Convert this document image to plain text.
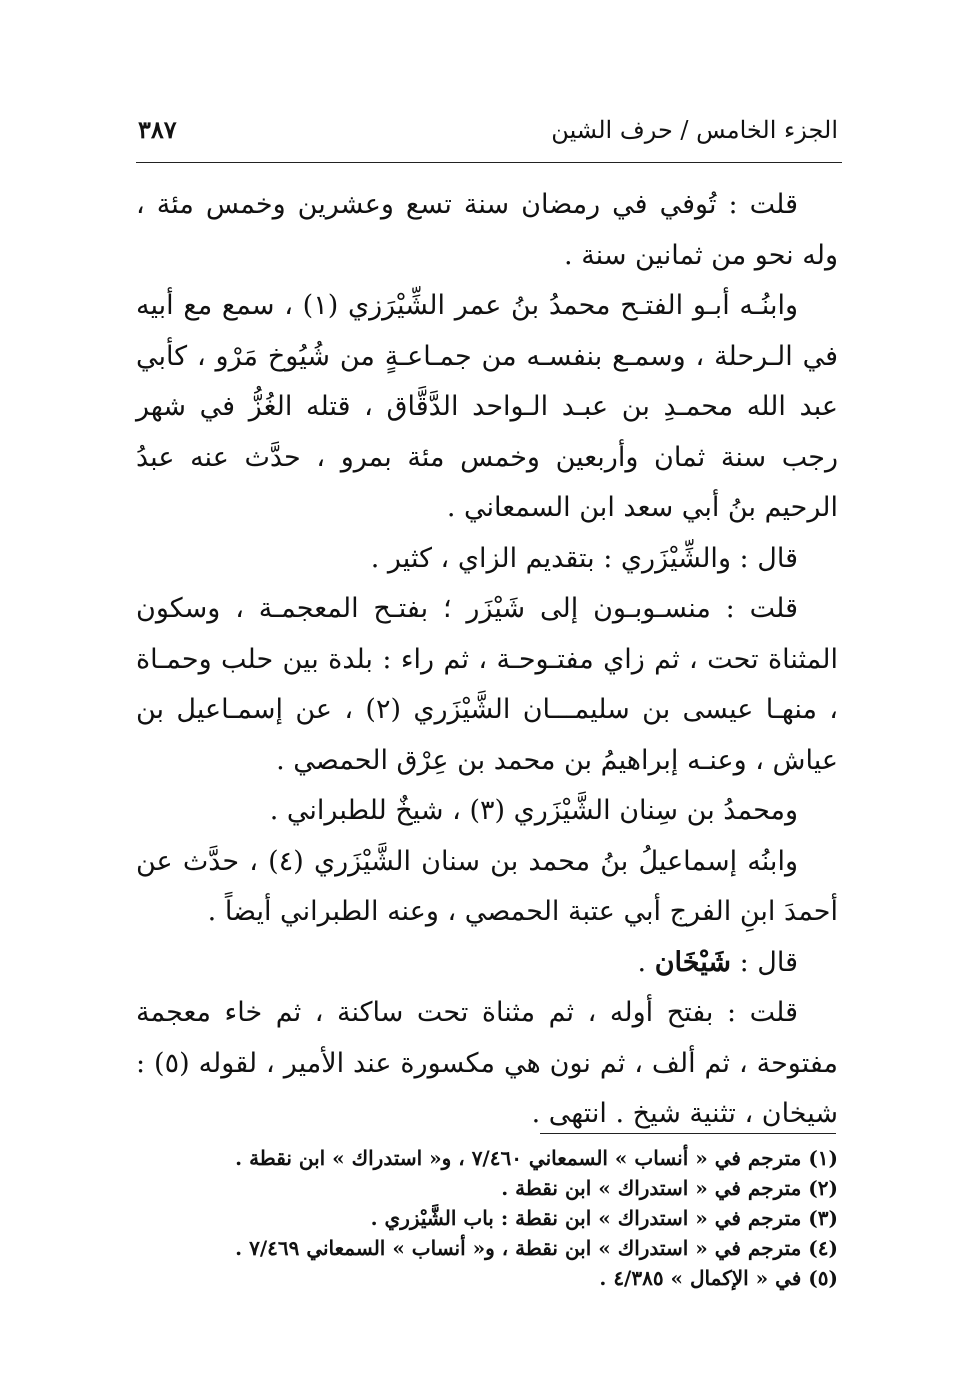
الجزء الخامس / حرف الشين
٣٨٧

قلت : تُوفي في رمضان سنة تسع وعشرين وخمس مئة ، وله نحو من ثمانين سنة .

وابنُـه أبـو الفتـح محمدُ بنُ عمر الشِّيْرَزي (١) ، سمع مع أبيه في الـرحلة ، وسمـع بنفسـه من جمـاعـةٍ من شُيُوخ مَرْو ، كأبي عبد الله محمـدِ بن عبـد الـواحد الدَّقَّاق ، قتله الغُزُّ في شهر رجب سنة ثمان وأربعين وخمس مئة بمرو ، حدَّث عنه عبدُ الرحيم بنُ أبي سعد ابن السمعاني .

قال : والشِّيْزَري : بتقديم الزاي ، كثير .

قلت : منسـوبـون إلى شَيْزَر ؛ بفتـح المعجمـة ، وسكون المثناة تحت ، ثم زاي مفتـوحـة ، ثم راء : بلدة بين حلب وحمـاة ، منهـا عيسى بن سليمـــان الشَّيْزَري (٢) ، عن إسمـاعيل بن عياش ، وعنـه إبراهيمُ بن محمد بن عِرْق الحمصي .

ومحمدُ بن سِنان الشَّيْزَري (٣) ، شيخٌ للطبراني .

وابنُه إسماعيلُ بنُ محمد بن سنان الشَّيْزَري (٤) ، حدَّث عن أحمدَ ابنِ الفرج أبي عتبة الحمصي ، وعنه الطبراني أيضاً .

قال : شَيْخَان .

قلت : بفتح أوله ، ثم مثناة تحت ساكنة ، ثم خاء معجمة مفتوحة ، ثم ألف ، ثم نون هي مكسورة عند الأمير ، لقوله (٥) : شيخان ، تثنية شيخ . انتهى .

(١) مترجم في « أنساب » السمعاني ٧/٤٦٠ ، و« استدراك » ابن نقطة .
(٢) مترجم في « استدراك » ابن نقطة .
(٣) مترجم في « استدراك » ابن نقطة : باب الشَّيْزري .
(٤) مترجم في « استدراك » ابن نقطة ، و« أنساب » السمعاني ٧/٤٦٩ .
(٥) في « الإكمال » ٤/٣٨٥ .
